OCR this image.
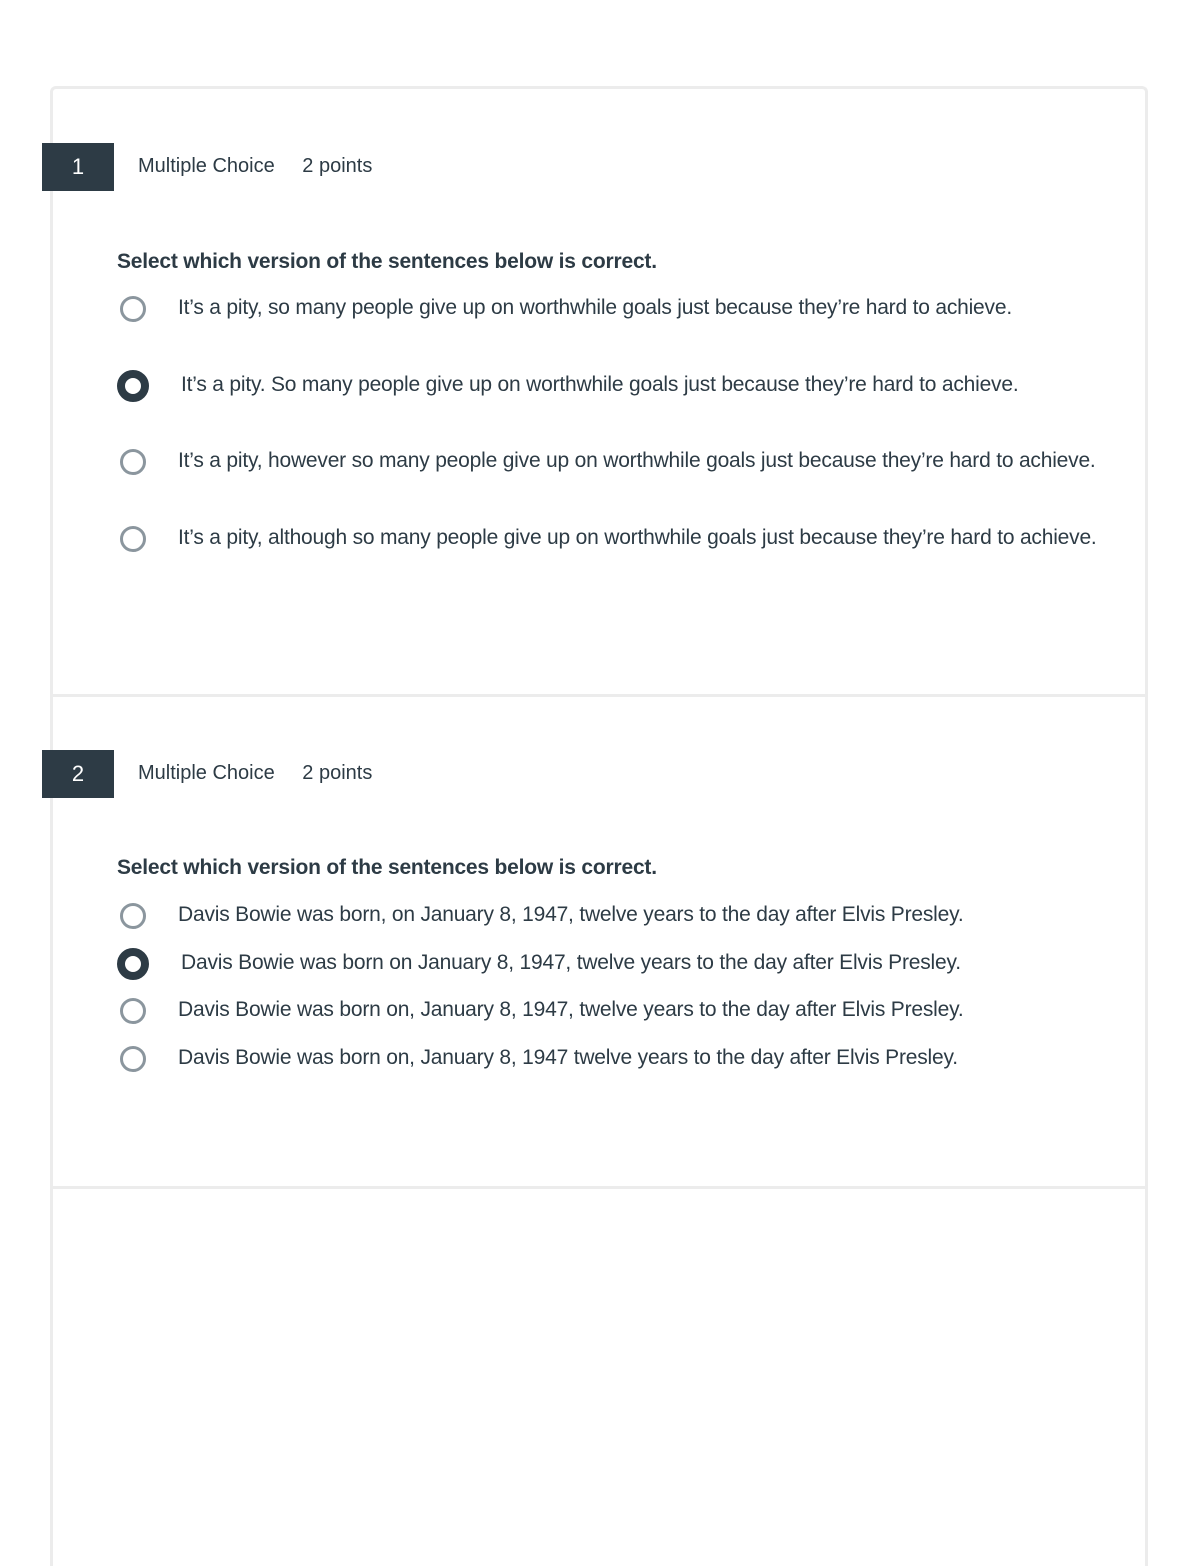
1	Multiple Choice 2 points
Select which version of the sentences below is correct.
It’s a pity, so many people give up on worthwhile goals just because they’re hard to achieve.
It’s a pity. So many people give up on worthwhile goals just because they’re hard to achieve.
It’s a pity, however so many people give up on worthwhile goals just because they’re hard to achieve.
It’s a pity, although so many people give up on worthwhile goals just because they’re hard to achieve.
2	Multiple Choice 2 points
Select which version of the sentences below is correct.
Davis Bowie was born, on January 8, 1947, twelve years to the day after Elvis Presley.
Davis Bowie was born on January 8, 1947, twelve years to the day after Elvis Presley.
Davis Bowie was born on, January 8, 1947, twelve years to the day after Elvis Presley.
Davis Bowie was born on, January 8, 1947 twelve years to the day after Elvis Presley.
